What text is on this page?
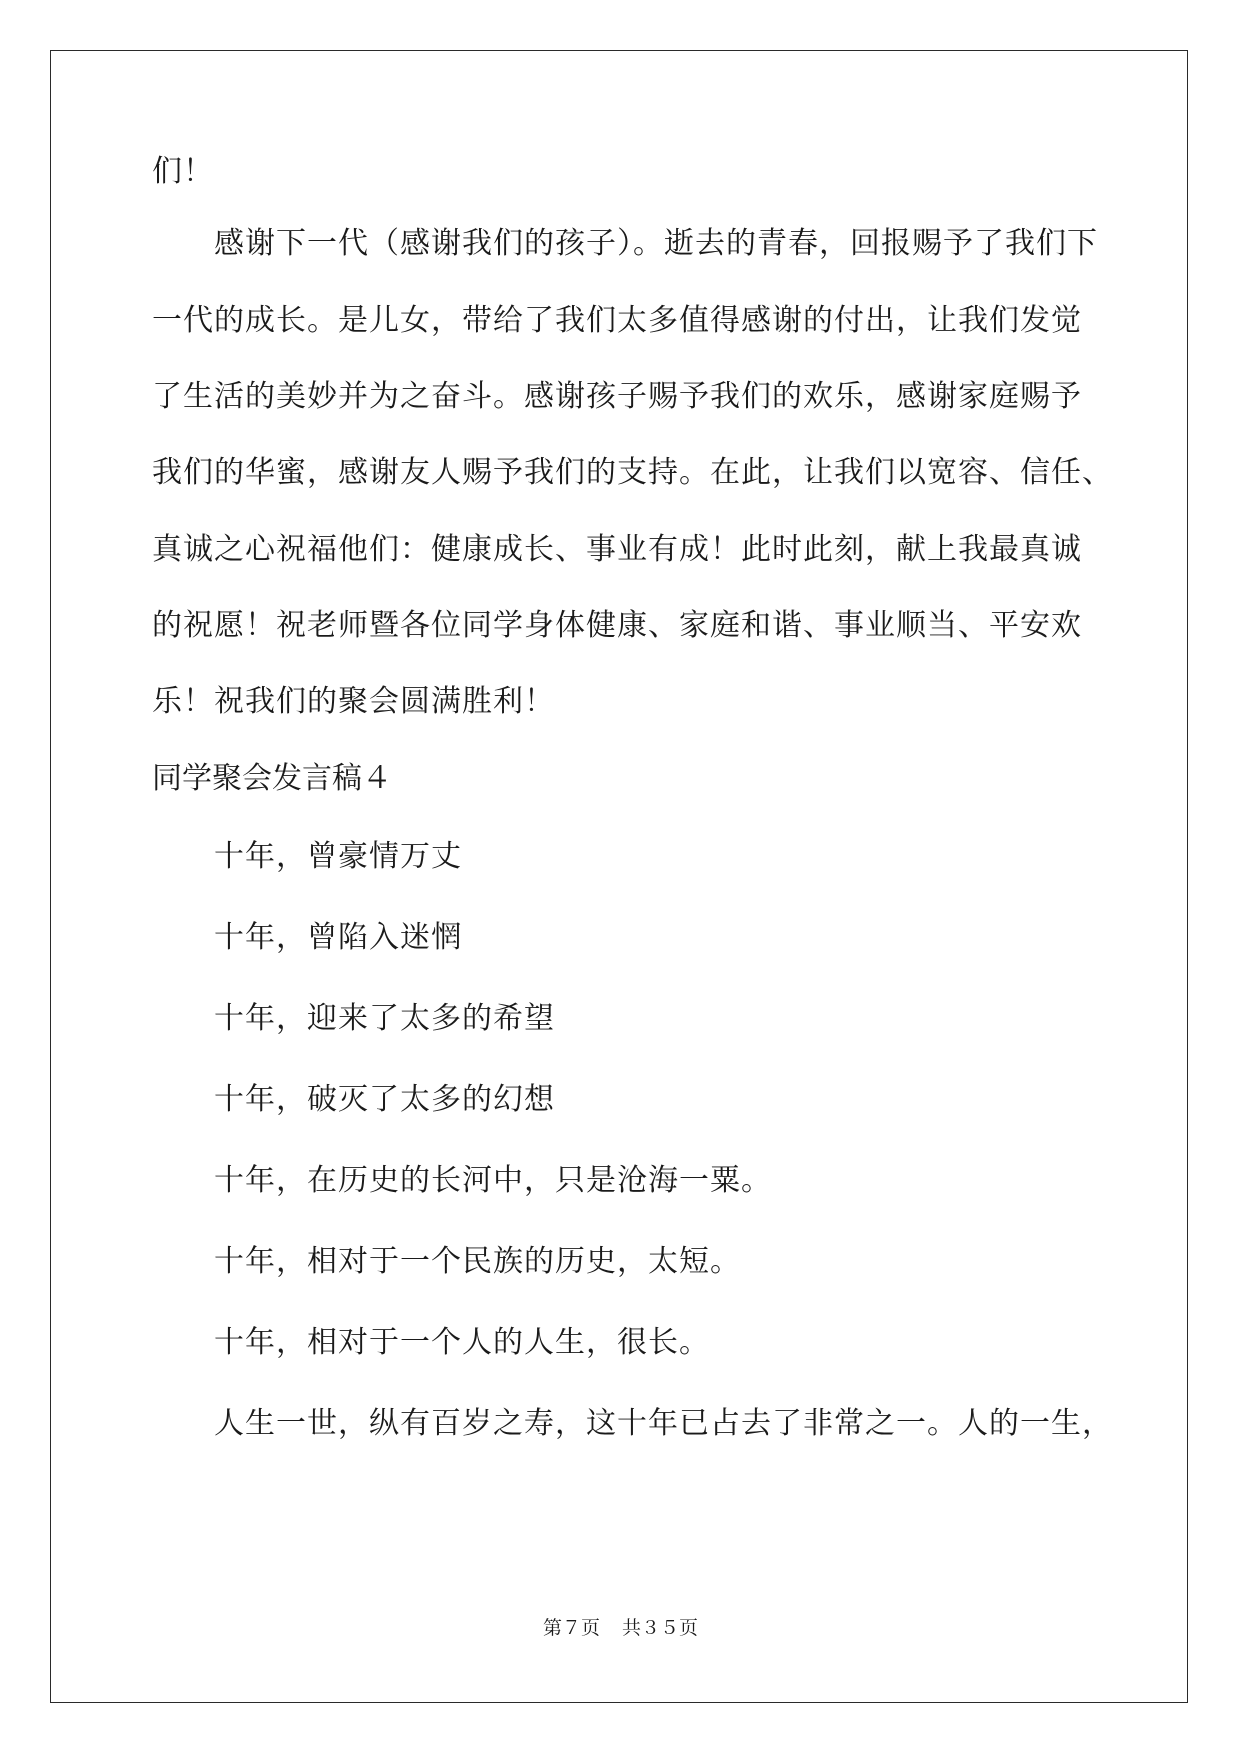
们！
感谢下一代（感谢我们的孩子）。逝去的青春，回报赐予了我们下
一代的成长。是儿女，带给了我们太多值得感谢的付出，让我们发觉
了生活的美妙并为之奋斗。感谢孩子赐予我们的欢乐，感谢家庭赐予
我们的华蜜，感谢友人赐予我们的支持。在此，让我们以宽容、信任、
真诚之心祝福他们：健康成长、事业有成！此时此刻，献上我最真诚
的祝愿！祝老师暨各位同学身体健康、家庭和谐、事业顺当、平安欢
乐！祝我们的聚会圆满胜利！
同学聚会发言稿４
十年，曾豪情万丈
十年，曾陷入迷惘
十年，迎来了太多的希望
十年，破灭了太多的幻想
十年，在历史的长河中，只是沧海一粟。
十年，相对于一个民族的历史，太短。
十年，相对于一个人的人生，很长。
人生一世，纵有百岁之寿，这十年已占去了非常之一。人的一生，
第７页 共３５页
